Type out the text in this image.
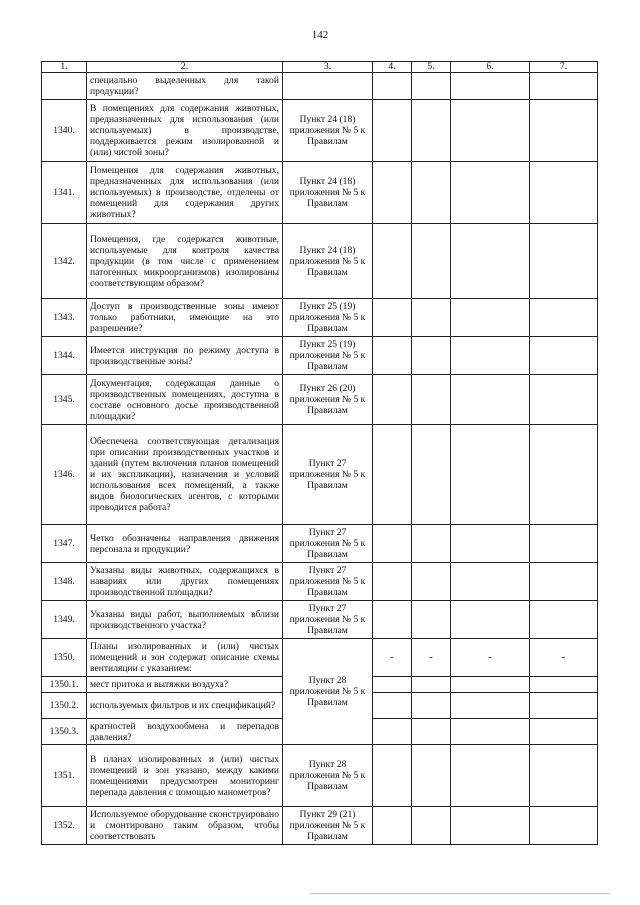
142
1.	2.	3.	4.	5.	6.	7.
	специально выделенных для такой продукции?					
1340.	В помещениях для содержания животных, предназначенных для использования (или используемых) в производстве, поддерживается режим изолированной и (или) чистой зоны?	Пункт 24 (18) приложения № 5 к Правилам				
1341.	Помещения для содержания животных, предназначенных для использования (или используемых) в производстве, отделены от помещений для содержания других животных?	Пункт 24 (18) приложения № 5 к Правилам				
1342.	Помещения, где содержатся животные, используемые для контроля качества продукции (в том числе с применением патогенных микроорганизмов) изолированы соответствующим образом?	Пункт 24 (18) приложения № 5 к Правилам				
1343.	Доступ в производственные зоны имеют только работники, имеющие на это разрешение?	Пункт 25 (19) приложения № 5 к Правилам				
1344.	Имеется инструкция по режиму доступа в производственные зоны?	Пункт 25 (19) приложения № 5 к Правилам				
1345.	Документация, содержащая данные о производственных помещениях, доступна в составе основного досье производственной площадки?	Пункт 26 (20) приложения № 5 к Правилам				
1346.	Обеспечена соответствующая детализация при описании производственных участков и зданий (путем включения планов помещений и их экспликации), назначения и условий использования всех помещений, а также видов биологических агентов, с которыми проводится работа?	Пункт 27 приложения № 5 к Правилам				
1347.	Четко обозначены направления движения персонала и продукции?	Пункт 27 приложения № 5 к Правилам				
1348.	Указаны виды животных, содержащихся в навариях или других помещениях производственной площадки?	Пункт 27 приложения № 5 к Правилам				
1349.	Указаны виды работ, выполняемых вблизи производственного участка?	Пункт 27 приложения № 5 к Правилам				
1350.	Планы изолированных и (или) чистых помещений и зон содержат описание схемы вентиляции с указанием:	Пункт 28 приложения № 5 к Правилам	-	-	-	-
1350.1.	мест притока и вытяжки воздуха?					
1350.2.	используемых фильтров и их спецификаций?					
1350.3.	кратностей воздухообмена и перепадов давления?					
1351.	В планах изолированных и (или) чистых помещений и зон указано, между какими помещениями предусмотрен мониторинг перепада давления с помощью манометров?	Пункт 28 приложения № 5 к Правилам				
1352.	Используемое оборудование сконструировано и смонтировано таким образом, чтобы соответствовать	Пункт 29 (21) приложения № 5 к Правилам				
